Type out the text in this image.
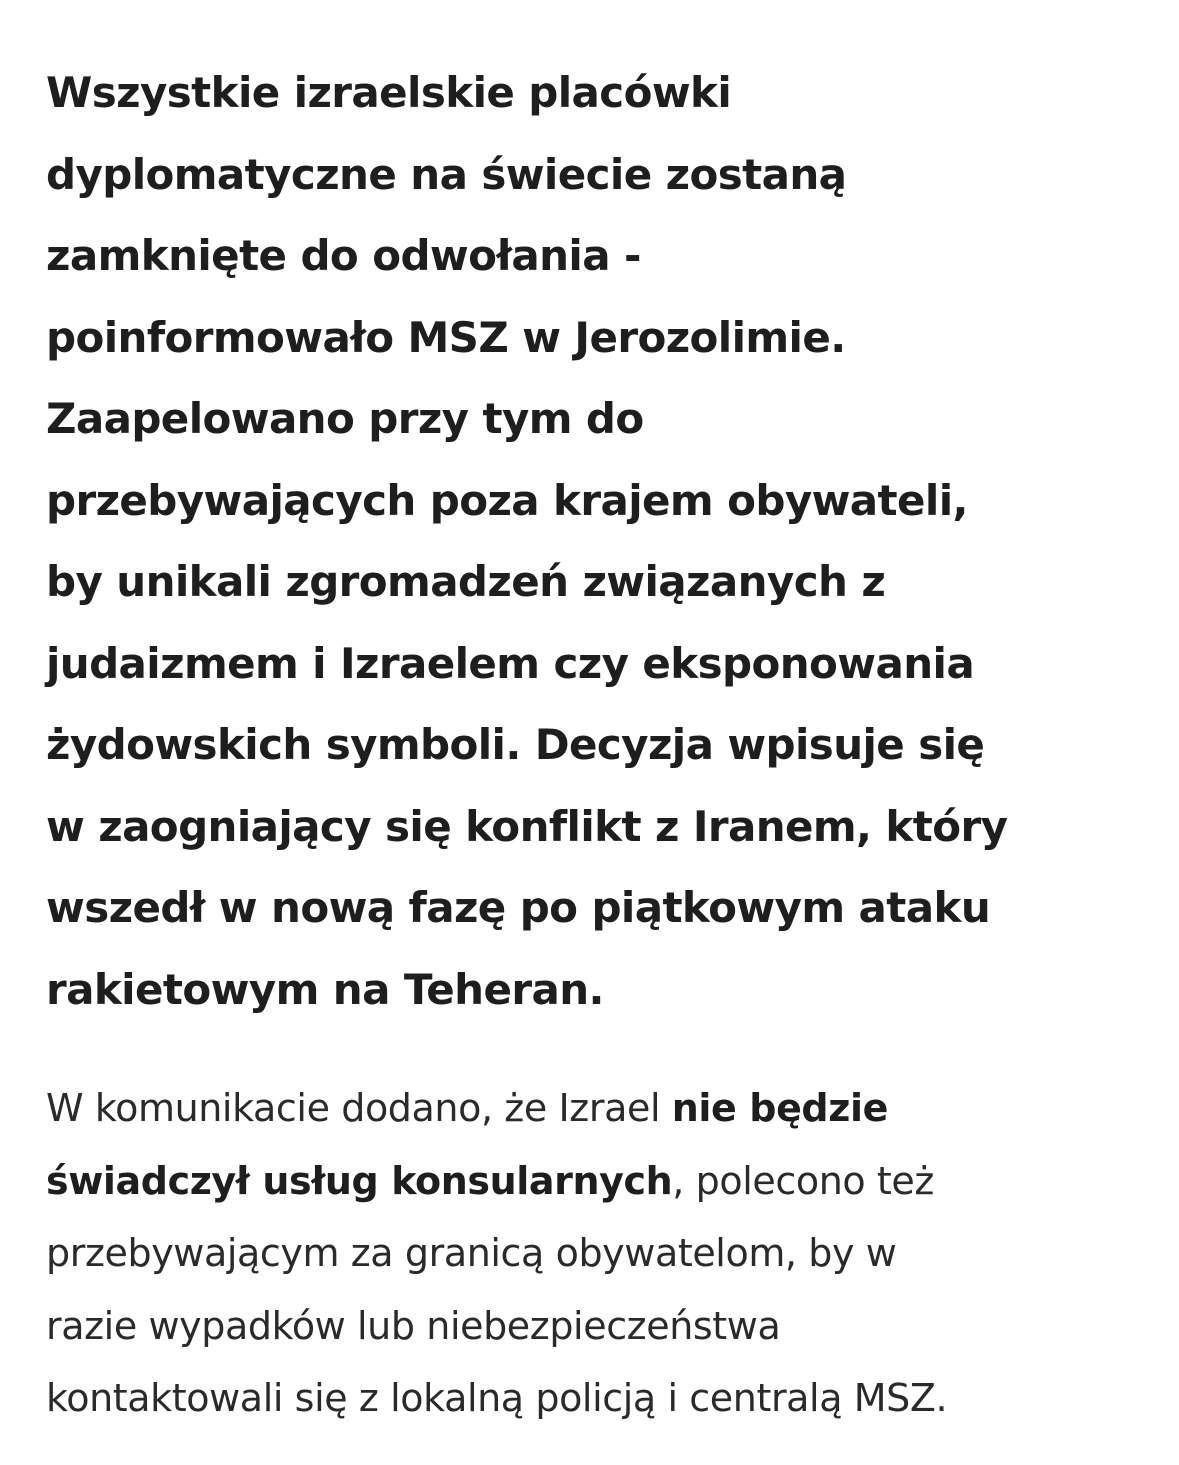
Wszystkie izraelskie placówki
dyplomatyczne na świecie zostaną
zamknięte do odwołania -
poinformowało MSZ w Jerozolimie.
Zaapelowano przy tym do
przebywających poza krajem obywateli,
by unikali zgromadzeń związanych z
judaizmem i Izraelem czy eksponowania
żydowskich symboli. Decyzja wpisuje się
w zaogniający się konflikt z Iranem, który
wszedł w nową fazę po piątkowym ataku
rakietowym na Teheran.

W komunikacie dodano, że Izrael nie będzie
świadczył usług konsularnych, polecono też
przebywającym za granicą obywatelom, by w
razie wypadków lub niebezpieczeństwa
kontaktowali się z lokalną policją i centralą MSZ.
